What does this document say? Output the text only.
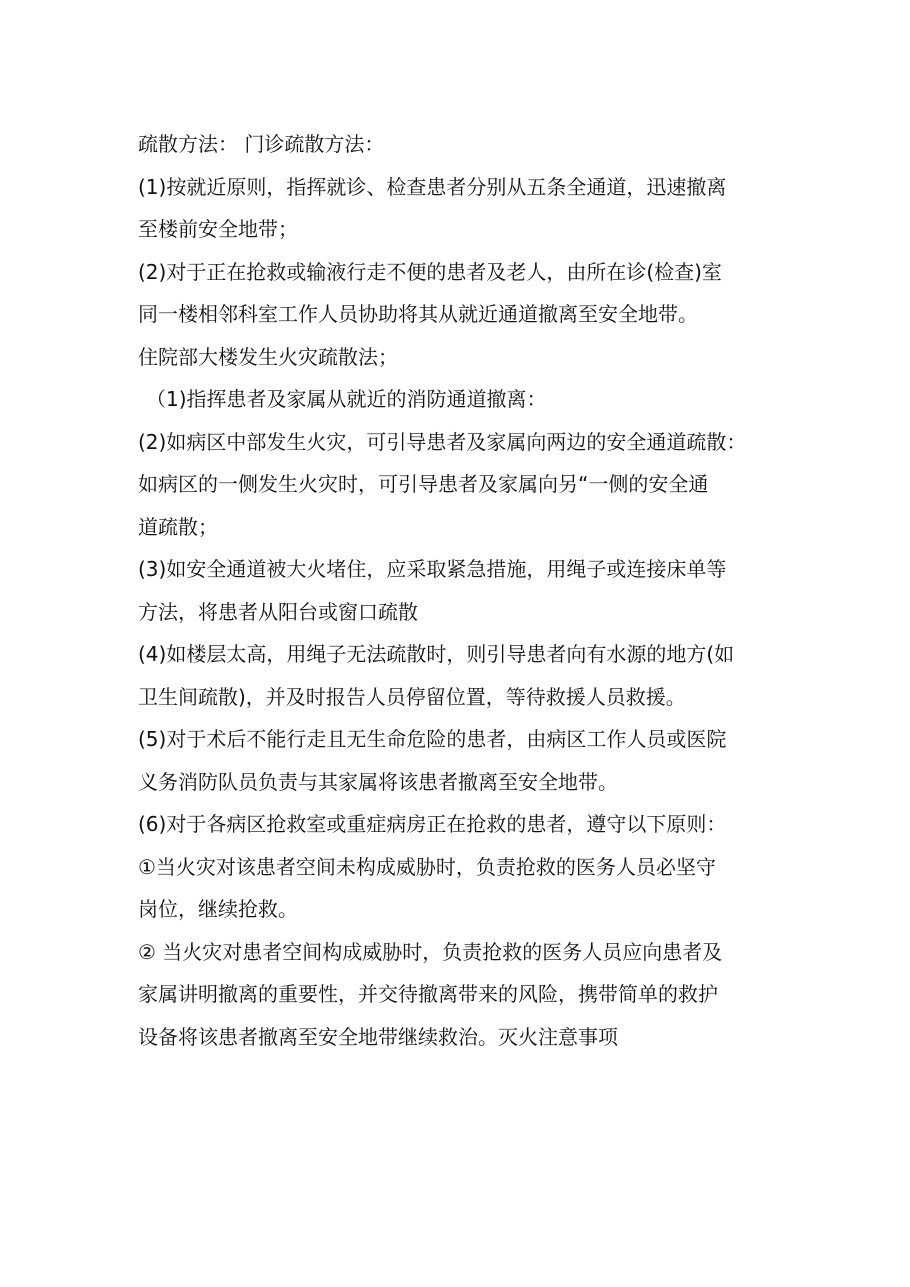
疏散方法： 门诊疏散方法：
(1)按就近原则，指挥就诊、检查患者分别从五条全通道，迅速撤离
至楼前安全地带；
(2)对于正在抢救或输液行走不便的患者及老人，由所在诊(检查)室
同一楼相邻科室工作人员协助将其从就近通道撤离至安全地带。
住院部大楼发生火灾疏散法；
（1)指挥患者及家属从就近的消防通道撤离：
(2)如病区中部发生火灾，可引导患者及家属向两边的安全通道疏散：
如病区的一侧发生火灾时，可引导患者及家属向另“一侧的安全通
道疏散；
(3)如安全通道被大火堵住，应采取紧急措施，用绳子或连接床单等
方法，将患者从阳台或窗口疏散
(4)如楼层太高，用绳子无法疏散时，则引导患者向有水源的地方(如
卫生间疏散)，并及时报告人员停留位置，等待救援人员救援。
(5)对于术后不能行走且无生命危险的患者，由病区工作人员或医院
义务消防队员负责与其家属将该患者撤离至安全地带。
(6)对于各病区抢救室或重症病房正在抢救的患者，遵守以下原则：
①当火灾对该患者空间未构成威胁时，负责抢救的医务人员必坚守
岗位，继续抢救。
② 当火灾对患者空间构成威胁时，负责抢救的医务人员应向患者及
家属讲明撤离的重要性，并交待撤离带来的风险，携带简单的救护
设备将该患者撤离至安全地带继续救治。灭火注意事项
